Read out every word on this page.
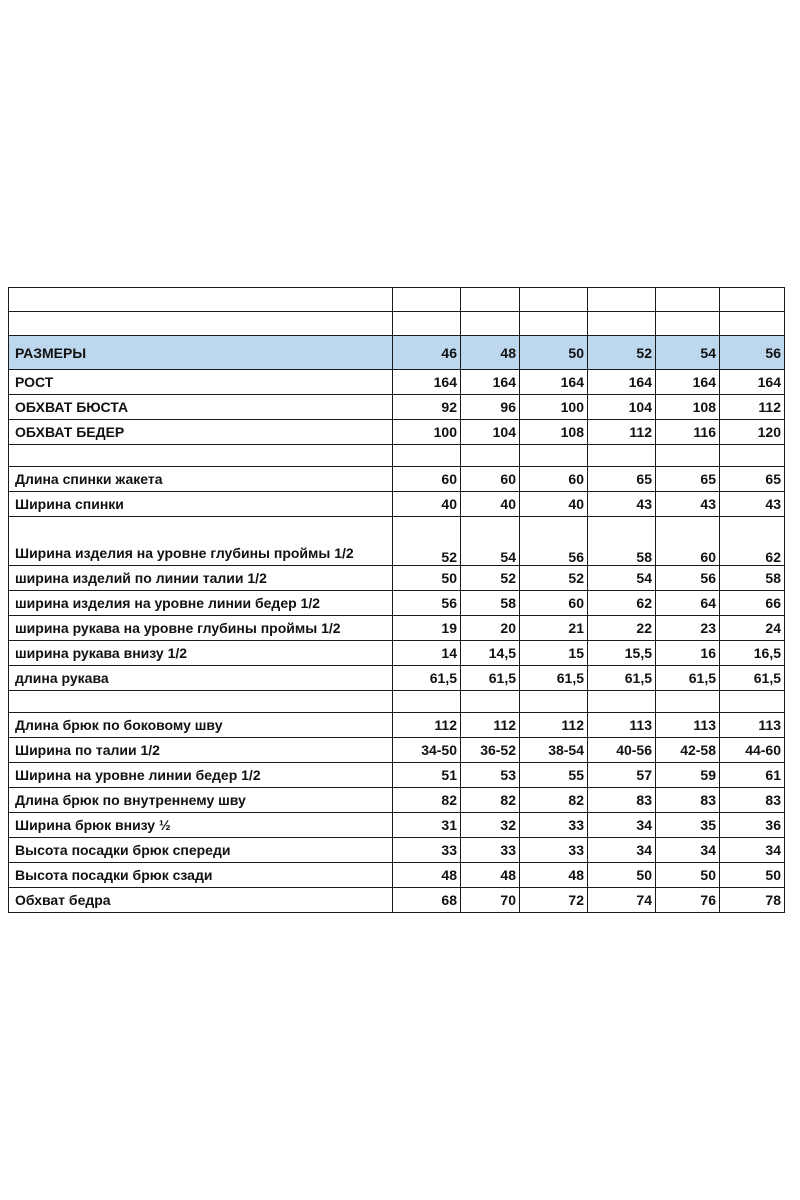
РАЗМЕРЫ	46	48	50	52	54	56
РОСТ	164	164	164	164	164	164
ОБХВАТ БЮСТА	92	96	100	104	108	112
ОБХВАТ БЕДЕР	100	104	108	112	116	120

Длина спинки жакета	60	60	60	65	65	65
Ширина спинки	40	40	40	43	43	43
Ширина изделия на уровне глубины проймы 1/2	52	54	56	58	60	62
ширина изделий по линии талии 1/2	50	52	52	54	56	58
ширина изделия на уровне линии бедер 1/2	56	58	60	62	64	66
ширина рукава на уровне глубины проймы 1/2	19	20	21	22	23	24
ширина рукава внизу 1/2	14	14,5	15	15,5	16	16,5
длина рукава	61,5	61,5	61,5	61,5	61,5	61,5

Длина брюк по боковому шву	112	112	112	113	113	113
Ширина по талии 1/2	34-50	36-52	38-54	40-56	42-58	44-60
Ширина на уровне линии бедер 1/2	51	53	55	57	59	61
Длина брюк по внутреннему шву	82	82	82	83	83	83
Ширина брюк внизу ½	31	32	33	34	35	36
Высота посадки брюк спереди	33	33	33	34	34	34
Высота посадки брюк сзади	48	48	48	50	50	50
Обхват бедра	68	70	72	74	76	78
